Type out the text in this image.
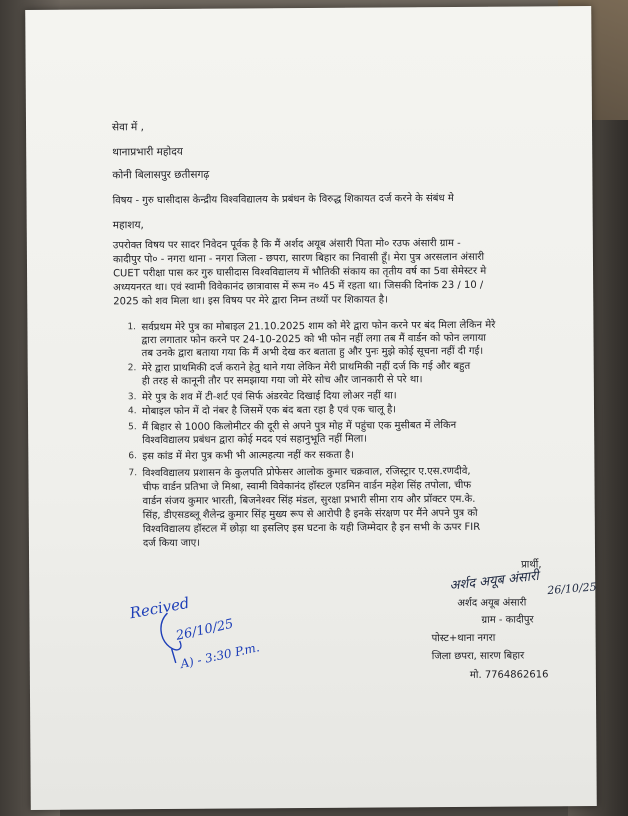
सेवा में ,
थानाप्रभारी महोदय
कोनी बिलासपुर छतीसगढ़
विषय - गुरु घासीदास केन्द्रीय विश्वविद्यालय के प्रबंधन के विरुद्ध शिकायत दर्ज करने के संबंध मे
महाशय,
उपरोक्त विषय पर सादर निवेदन पूर्वक है कि मैं अर्शद अयूब अंसारी पिता मो० रउफ अंसारी ग्राम -
कादीपुर पो० - नगरा थाना - नगरा जिला - छपरा, सारण बिहार का निवासी हूँ। मेरा पुत्र अरसलान अंसारी
CUET परीक्षा पास कर गुरु घासीदास विश्वविद्यालय में भौतिकी संकाय का तृतीय वर्ष का 5वा सेमेस्टर मे
अध्ययनरत था। एवं स्वामी विवेकानंद छात्रावास में रूम न० 45 में रहता था। जिसकी दिनांक 23 / 10 /
2025 को शव मिला था। इस विषय पर मेरे द्वारा निम्न तथ्यों पर शिकायत है।
1. सर्वप्रथम मेरे पुत्र का मोबाइल 21.10.2025 शाम को मेरे द्वारा फोन करने पर बंद मिला लेकिन मेरे
द्वारा लगातार फोन करने पर 24-10-2025 को भी फोन नहीं लगा तब मैं वार्डन को फोन लगाया
तब उनके द्वारा बताया गया कि मैं अभी देख कर बताता हु और पुनः मुझे कोई सूचना नहीं दी गई।
2. मेरे द्वारा प्राथमिकी दर्ज कराने हेतु थाने गया लेकिन मेरी प्राथमिकी नहीं दर्ज कि गई और बहुत
ही तरह से कानूनी तौर पर समझाया गया जो मेरे सोच और जानकारी से परे था।
3. मेरे पुत्र के शव में टी-शर्ट एवं सिर्फ अंडरवेट दिखाई दिया लोअर नहीं था।
4. मोबाइल फोन में दो नंबर है जिसमें एक बंद बता रहा है एवं एक चालू है।
5. मैं बिहार से 1000 किलोमीटर की दूरी से अपने पुत्र मोह में पहुंचा एक मुसीबत में लेकिन
विश्वविद्यालय प्रबंधन द्वारा कोई मदद एवं सहानुभूति नहीं मिला।
6. इस कांड में मेरा पुत्र कभी भी आत्महत्या नहीं कर सकता है।
7. विश्वविद्यालय प्रशासन के कुलपति प्रोफेसर आलोक कुमार चक्रवाल, रजिस्ट्रार ए.एस.रणदीवे,
चीफ वार्डन प्रतिभा जे मिश्रा, स्वामी विवेकानंद हॉस्टल एडमिन वार्डन महेश सिंह तपोला, चीफ
वार्डन संजय कुमार भारती, बिजनेश्वर सिंह मंडल, सुरक्षा प्रभारी सीमा राय और प्रॉक्टर एम.के.
सिंह, डीएसडब्लू शैलेन्द्र कुमार सिंह मुख्य रूप से आरोपी है इनके संरक्षण पर मैंने अपने पुत्र को
विश्वविद्यालय हॉस्टल में छोड़ा था इसलिए इस घटना के यही जिम्मेदार है इन सभी के ऊपर FIR
दर्ज किया जाए।
प्रार्थी,
अर्शद अयूब अंसारी 26/10/25
अर्शद अयूब अंसारी
ग्राम - कादीपुर
पोस्ट+थाना नगरा
जिला छपरा, सारण बिहार
मो. 7764862616
Recived
26/10/25
A) - 3:30 P.m.
